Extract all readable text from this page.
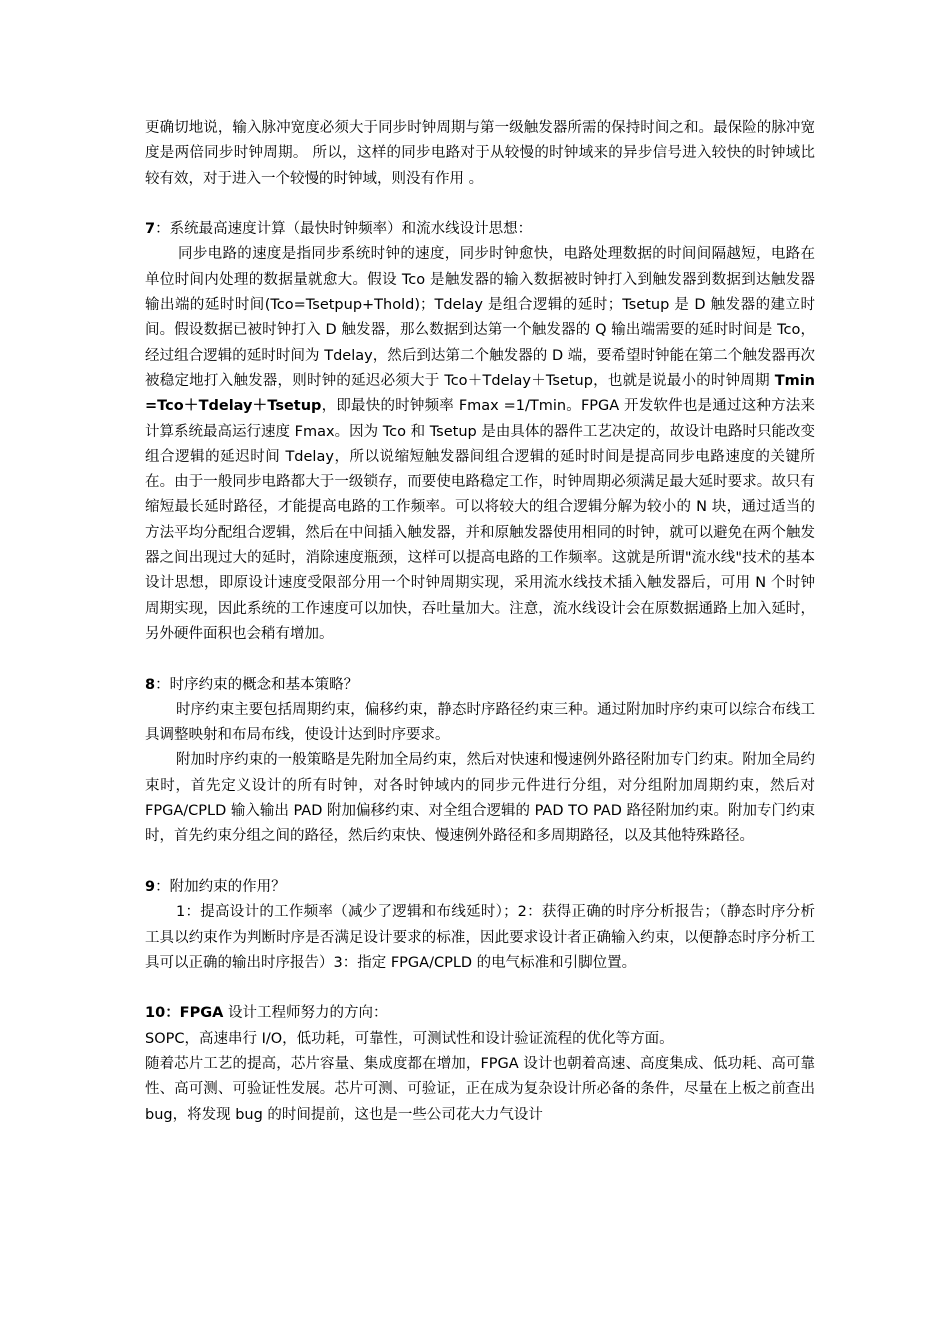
更确切地说，输入脉冲宽度必须大于同步时钟周期与第一级触发器所需的保持时间之和。最保险的脉冲宽度是两倍同步时钟周期。 所以，这样的同步电路对于从较慢的时钟域来的异步信号进入较快的时钟域比较有效，对于进入一个较慢的时钟域，则没有作用 。

7：系统最高速度计算（最快时钟频率）和流水线设计思想：

同步电路的速度是指同步系统时钟的速度，同步时钟愈快，电路处理数据的时间间隔越短，电路在单位时间内处理的数据量就愈大。假设 Tco 是触发器的输入数据被时钟打入到触发器到数据到达触发器输出端的延时时间(Tco=Tsetpup+Thold)；Tdelay 是组合逻辑的延时；Tsetup 是 D 触发器的建立时间。假设数据已被时钟打入 D 触发器，那么数据到达第一个触发器的 Q 输出端需要的延时时间是 Tco，经过组合逻辑的延时时间为 Tdelay，然后到达第二个触发器的 D 端，要希望时钟能在第二个触发器再次被稳定地打入触发器，则时钟的延迟必须大于 Tco＋Tdelay＋Tsetup，也就是说最小的时钟周期 Tmin =Tco＋Tdelay＋Tsetup，即最快的时钟频率 Fmax =1/Tmin。FPGA 开发软件也是通过这种方法来计算系统最高运行速度 Fmax。因为 Tco 和 Tsetup 是由具体的器件工艺决定的，故设计电路时只能改变组合逻辑的延迟时间 Tdelay，所以说缩短触发器间组合逻辑的延时时间是提高同步电路速度的关键所在。由于一般同步电路都大于一级锁存，而要使电路稳定工作，时钟周期必须满足最大延时要求。故只有缩短最长延时路径，才能提高电路的工作频率。可以将较大的组合逻辑分解为较小的 N 块，通过适当的方法平均分配组合逻辑，然后在中间插入触发器，并和原触发器使用相同的时钟，就可以避免在两个触发器之间出现过大的延时，消除速度瓶颈，这样可以提高电路的工作频率。这就是所谓"流水线"技术的基本设计思想，即原设计速度受限部分用一个时钟周期实现，采用流水线技术插入触发器后，可用 N 个时钟周期实现，因此系统的工作速度可以加快，吞吐量加大。注意，流水线设计会在原数据通路上加入延时，另外硬件面积也会稍有增加。

8：时序约束的概念和基本策略？

时序约束主要包括周期约束，偏移约束，静态时序路径约束三种。通过附加时序约束可以综合布线工具调整映射和布局布线，使设计达到时序要求。

附加时序约束的一般策略是先附加全局约束，然后对快速和慢速例外路径附加专门约束。附加全局约束时，首先定义设计的所有时钟，对各时钟域内的同步元件进行分组，对分组附加周期约束，然后对 FPGA/CPLD 输入输出 PAD 附加偏移约束、对全组合逻辑的 PAD TO PAD 路径附加约束。附加专门约束时，首先约束分组之间的路径，然后约束快、慢速例外路径和多周期路径，以及其他特殊路径。

9：附加约束的作用？

1：提高设计的工作频率（减少了逻辑和布线延时）；2：获得正确的时序分析报告；（静态时序分析工具以约束作为判断时序是否满足设计要求的标准，因此要求设计者正确输入约束，以便静态时序分析工具可以正确的输出时序报告）3：指定 FPGA/CPLD 的电气标准和引脚位置。

10：FPGA 设计工程师努力的方向：

SOPC，高速串行 I/O，低功耗，可靠性，可测试性和设计验证流程的优化等方面。

随着芯片工艺的提高，芯片容量、集成度都在增加，FPGA 设计也朝着高速、高度集成、低功耗、高可靠性、高可测、可验证性发展。芯片可测、可验证，正在成为复杂设计所必备的条件，尽量在上板之前查出 bug，将发现 bug 的时间提前，这也是一些公司花大力气设计
